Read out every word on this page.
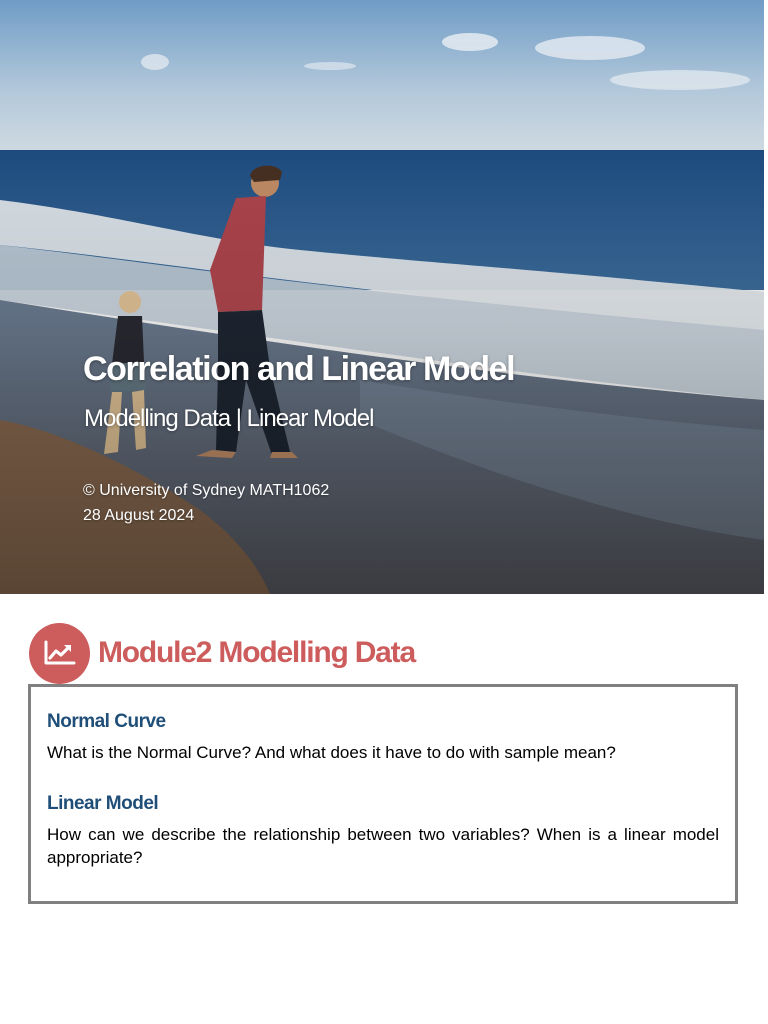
Correlation and Linear Model
Modelling Data | Linear Model
© University of Sydney MATH1062
28 August 2024
Module2 Modelling Data
Normal Curve

What is the Normal Curve? And what does it have to do with sample mean?

Linear Model

How can we describe the relationship between two variables? When is a linear model appropriate?
